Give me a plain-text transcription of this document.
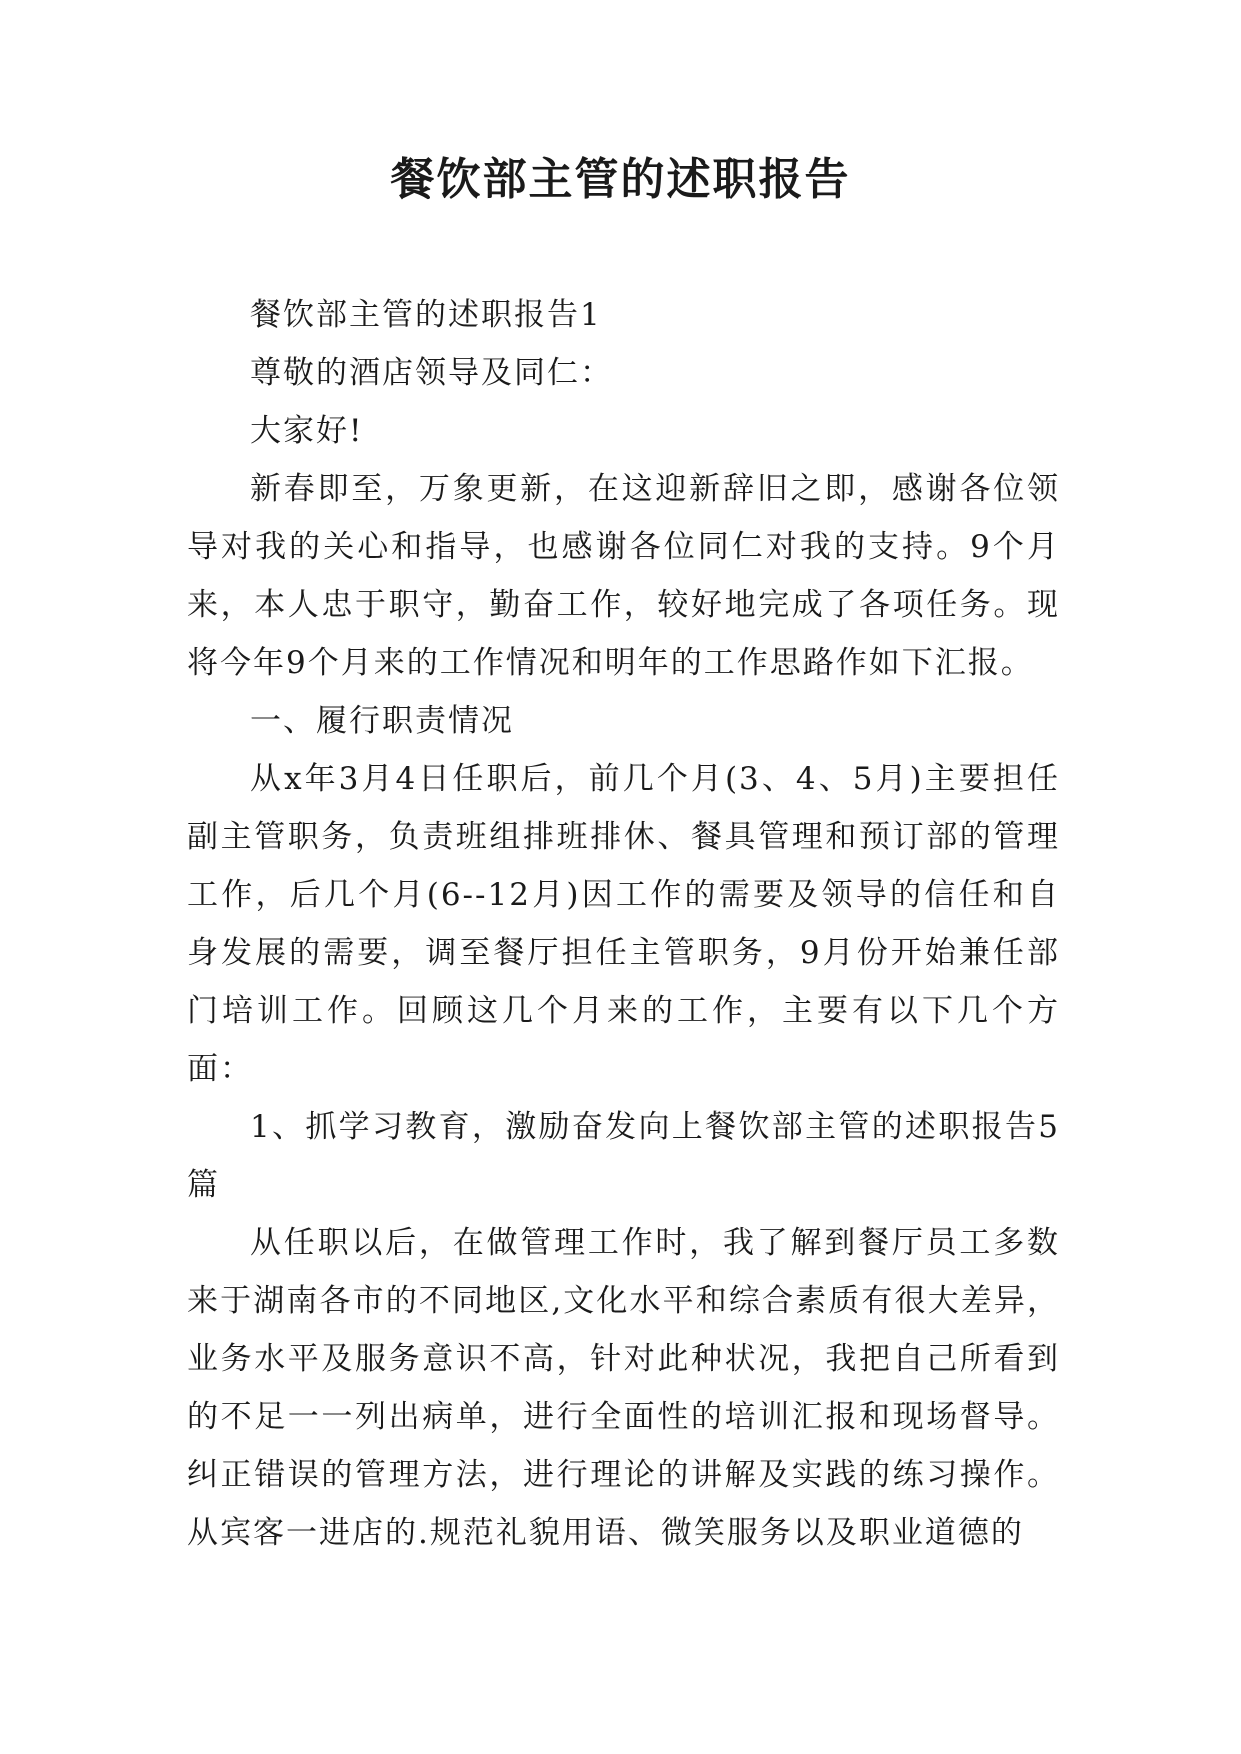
餐饮部主管的述职报告

餐饮部主管的述职报告1

尊敬的酒店领导及同仁：

大家好!

新春即至，万象更新，在这迎新辞旧之即，感谢各位领导对我的关心和指导，也感谢各位同仁对我的支持。9个月来，本人忠于职守，勤奋工作，较好地完成了各项任务。现将今年9个月来的工作情况和明年的工作思路作如下汇报。

一、履行职责情况

从x年3月4日任职后，前几个月(3、4、5月)主要担任副主管职务，负责班组排班排休、餐具管理和预订部的管理工作，后几个月(6--12月)因工作的需要及领导的信任和自身发展的需要，调至餐厅担任主管职务，9月份开始兼任部门培训工作。回顾这几个月来的工作，主要有以下几个方面：

1、抓学习教育，激励奋发向上餐饮部主管的述职报告5篇

从任职以后，在做管理工作时，我了解到餐厅员工多数来于湖南各市的不同地区,文化水平和综合素质有很大差异，业务水平及服务意识不高，针对此种状况，我把自己所看到的不足一一列出病单，进行全面性的培训汇报和现场督导。纠正错误的管理方法，进行理论的讲解及实践的练习操作。从宾客一进店的.规范礼貌用语、微笑服务以及职业道德的
